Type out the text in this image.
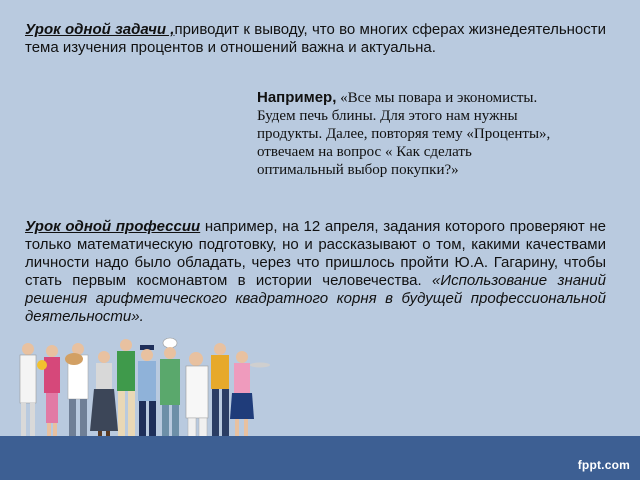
Урок одной задачи ,приводит к выводу, что во многих сферах жизнедеятельности тема изучения процентов и отношений важна и актуальна.

Например, «Все мы повара и экономисты. Будем печь блины. Для этого нам нужны продукты. Далее, повторяя тему «Проценты», отвечаем на вопрос « Как сделать оптимальный выбор покупки?»

Урок одной профессии например, на 12 апреля, задания которого проверяют не только математическую подготовку, но и рассказывают о том, какими качествами личности надо было обладать, через что пришлось пройти Ю.А. Гагарину, чтобы стать первым космонавтом в истории человечества. «Использование знаний решения арифметического квадратного корня в будущей профессиональной деятельности».

fppt.com
